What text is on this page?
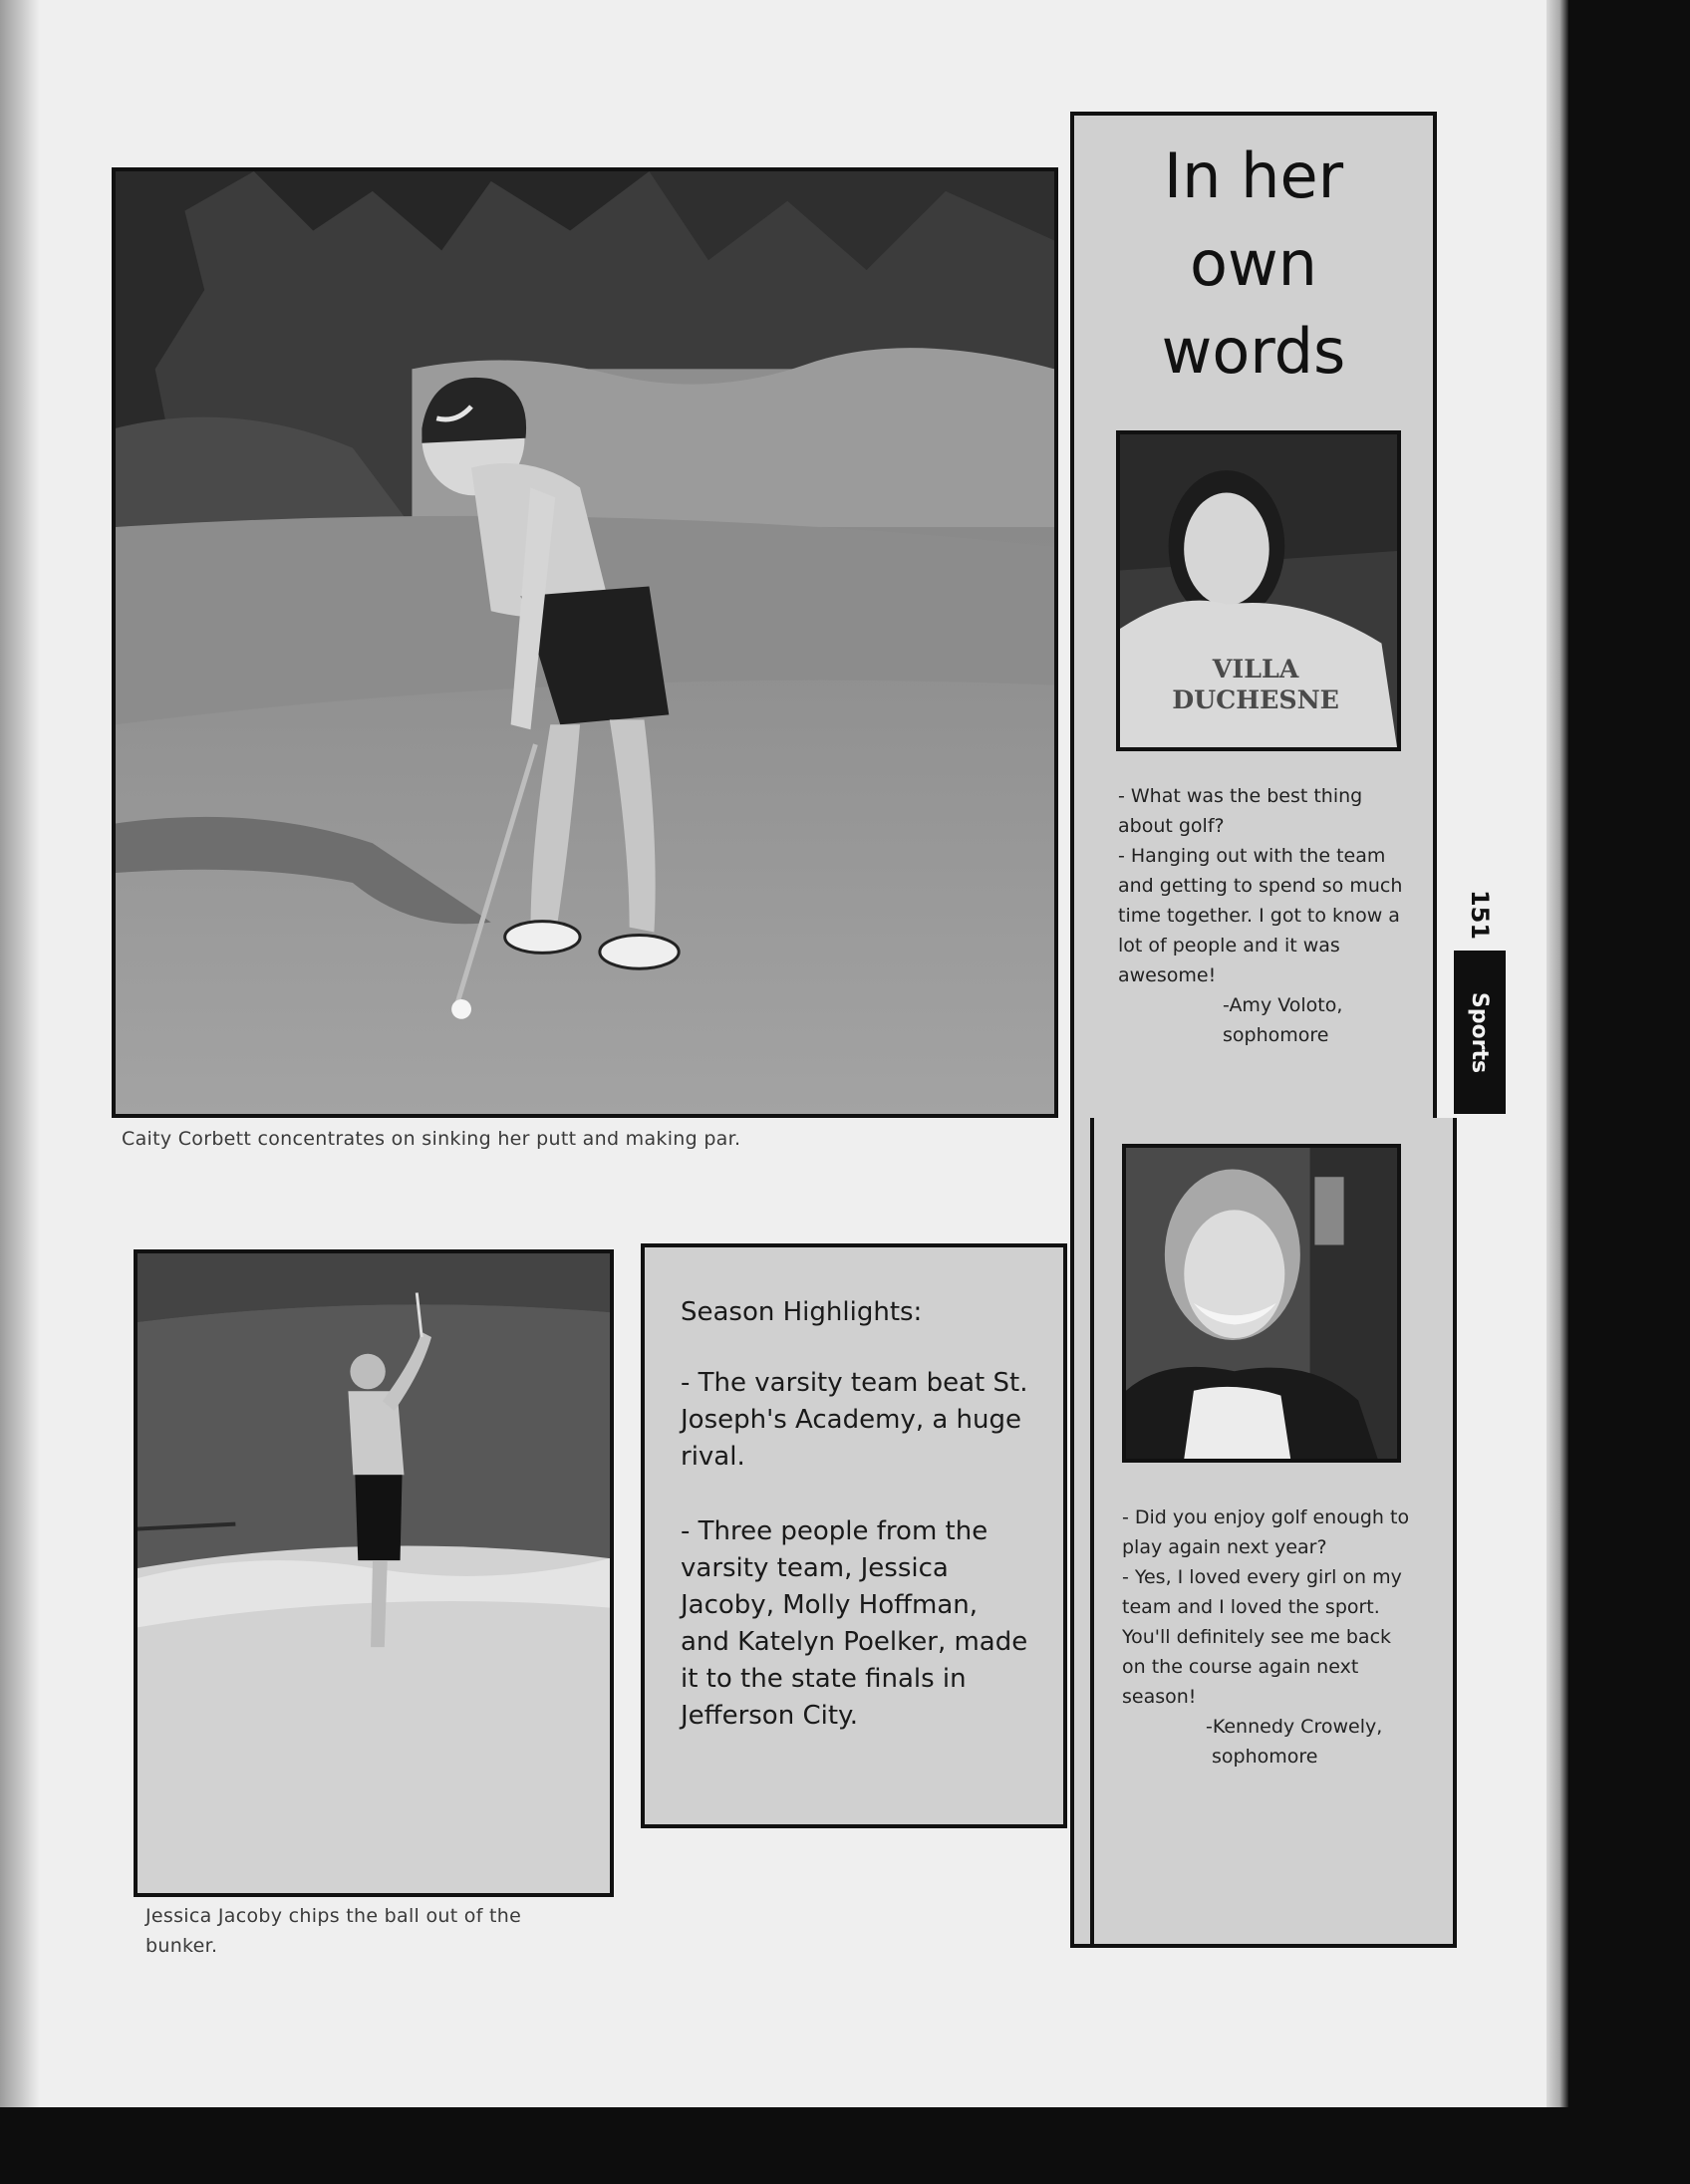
Caity Corbett concentrates on sinking her putt and making par.
Jessica Jacoby chips the ball out of the
bunker.
Season Highlights:

- The varsity team beat St. Joseph's Academy, a huge rival.

- Three people from the varsity team, Jessica Jacoby, Molly Hoffman, and Katelyn Poelker, made it to the state finals in Jefferson City.

In her
own
words
VILLA
DUCHESNE
- What was the best thing about golf?
- Hanging out with the team and getting to spend so much time together. I got to know a lot of people and it was awesome!
-Amy Voloto,
sophomore
- Did you enjoy golf enough to play again next year?
- Yes, I loved every girl on my team and I loved the sport. You'll definitely see me back on the course again next season!
-Kennedy Crowely,
sophomore
151
Sports
